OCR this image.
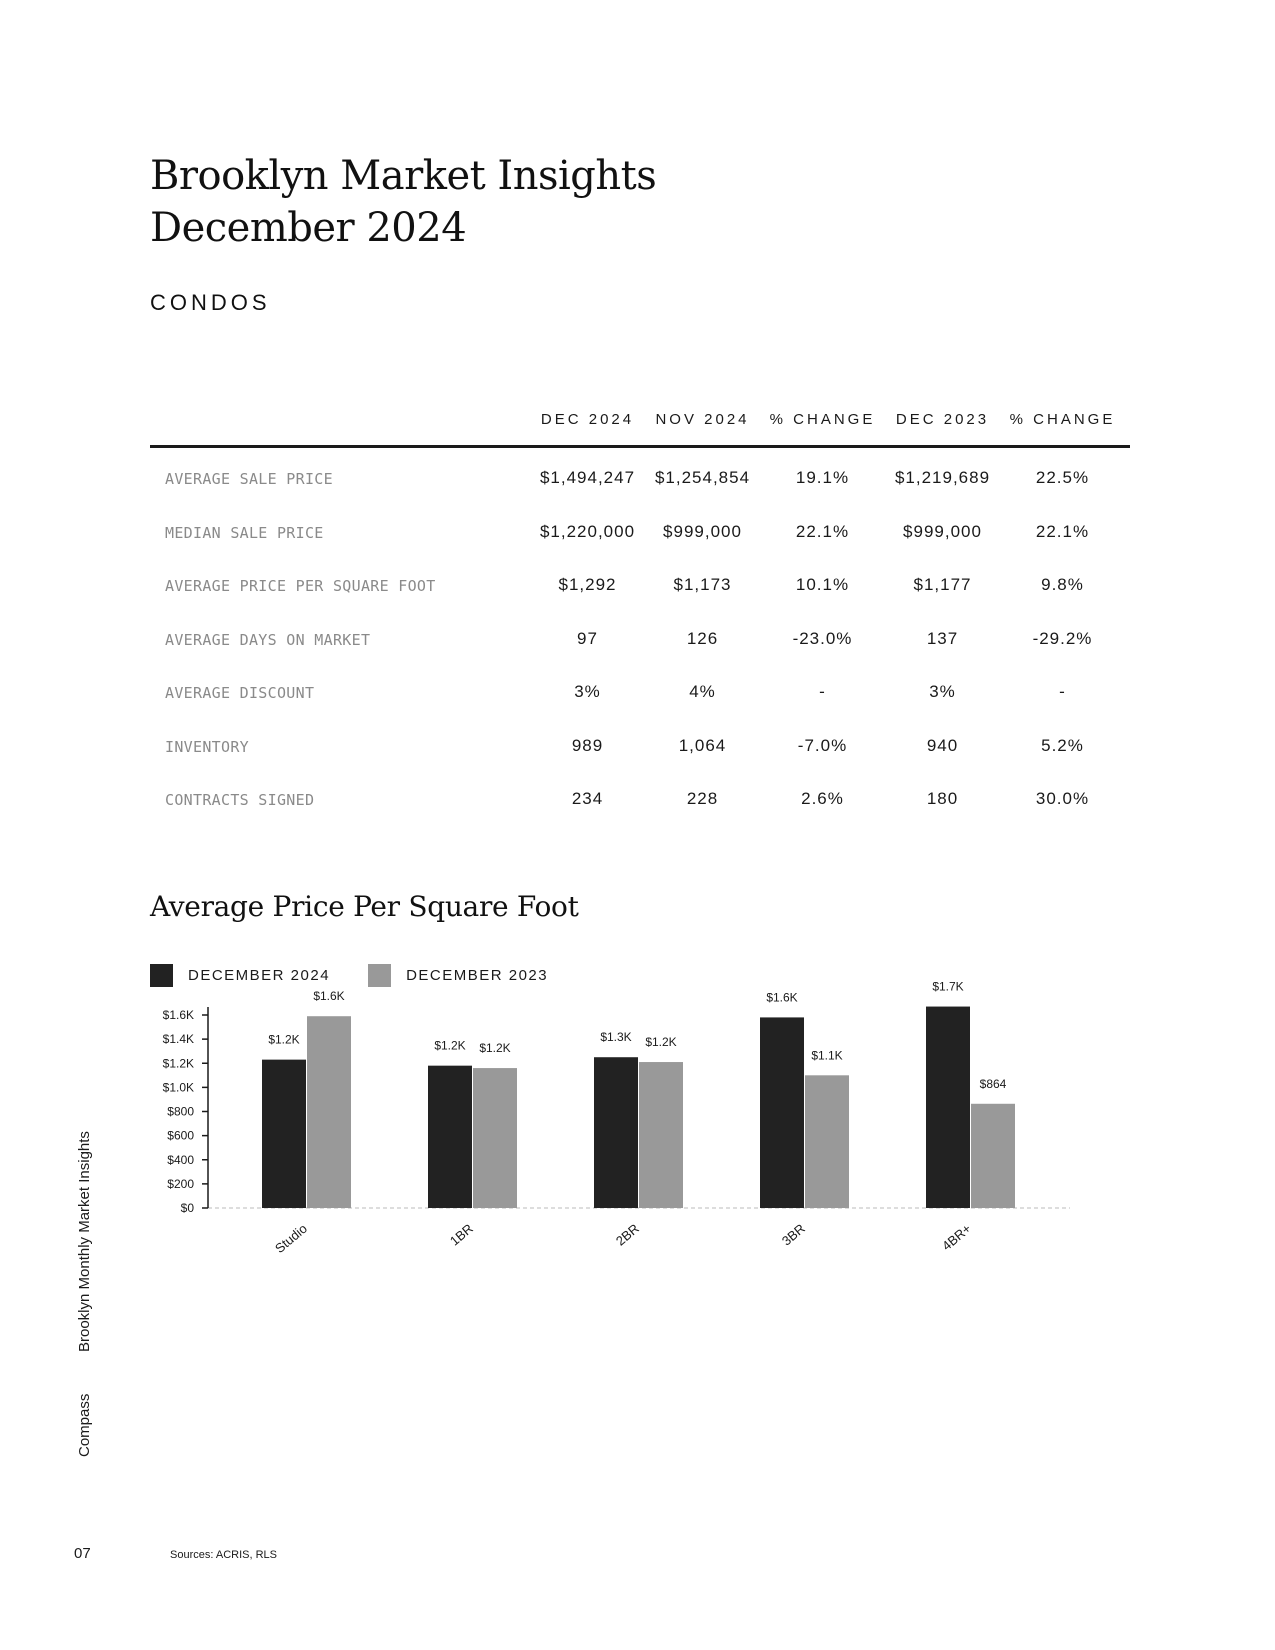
Brooklyn Market Insights
December 2024
CONDOS
DEC 2024	NOV 2024	% CHANGE	DEC 2023	% CHANGE
AVERAGE SALE PRICE	$1,494,247	$1,254,854	19.1%	$1,219,689	22.5%
MEDIAN SALE PRICE	$1,220,000	$999,000	22.1%	$999,000	22.1%
AVERAGE PRICE PER SQUARE FOOT	$1,292	$1,173	10.1%	$1,177	9.8%
AVERAGE DAYS ON MARKET	97	126	-23.0%	137	-29.2%
AVERAGE DISCOUNT	3%	4%	-	3%	-
INVENTORY	989	1,064	-7.0%	940	5.2%
CONTRACTS SIGNED	234	228	2.6%	180	30.0%
Average Price Per Square Foot
DECEMBER 2024	DECEMBER 2023
$0
$200
$400
$600
$800
$1.0K
$1.2K
$1.4K
$1.6K
$1.2K
$1.6K
Studio
$1.2K $1.2K
1BR
$1.3K $1.2K
2BR
$1.6K
$1.1K
3BR
$1.7K
$864
4BR+
Brooklyn Monthly Market Insights
Compass
07	Sources: ACRIS, RLS
